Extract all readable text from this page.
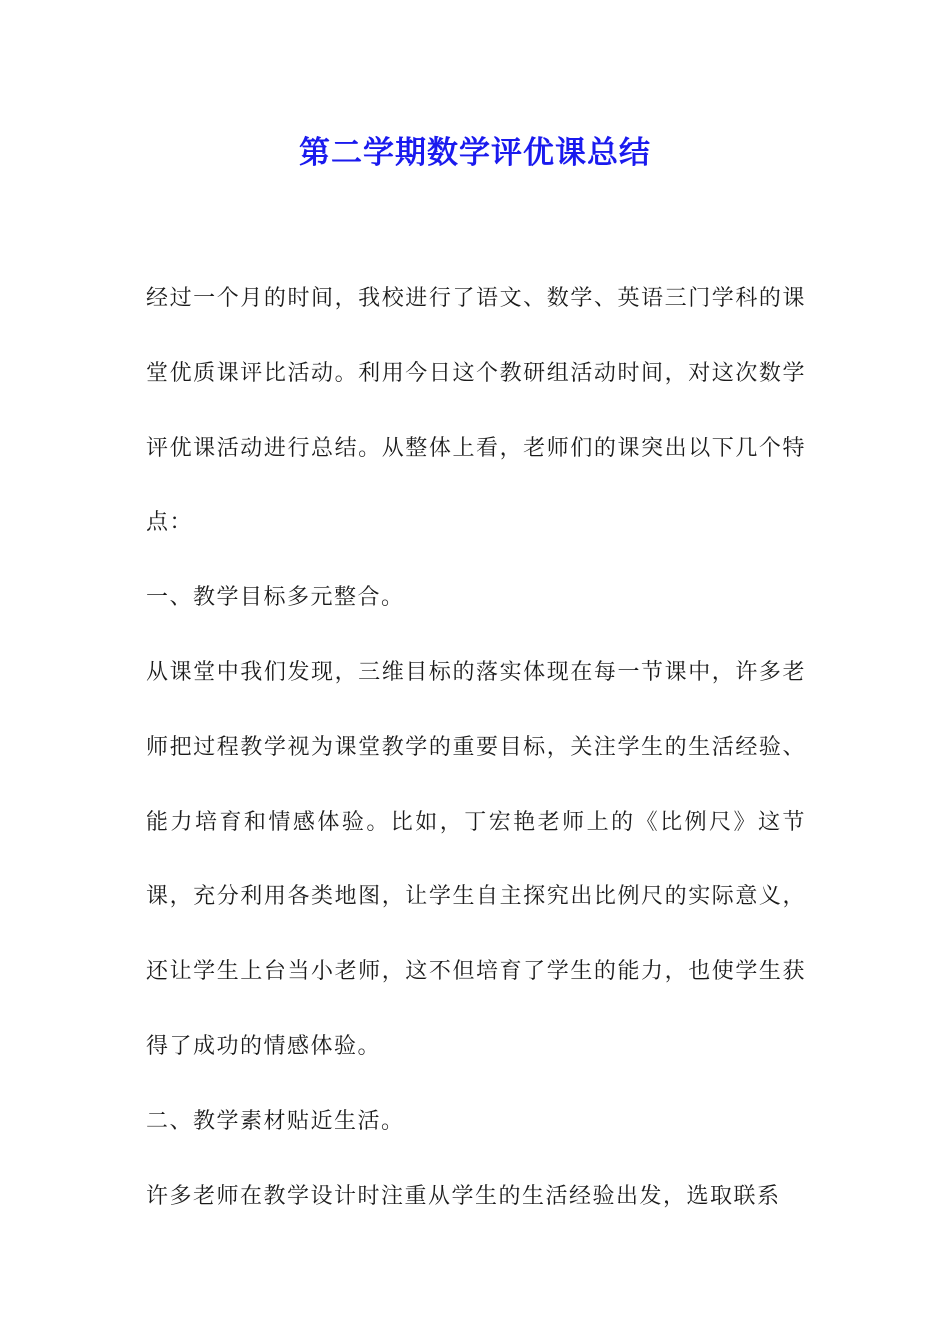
第二学期数学评优课总结

经过一个月的时间，我校进行了语文、数学、英语三门学科的课堂优质课评比活动。利用今日这个教研组活动时间，对这次数学评优课活动进行总结。从整体上看，老师们的课突出以下几个特点：

一、教学目标多元整合。

从课堂中我们发现，三维目标的落实体现在每一节课中，许多老师把过程教学视为课堂教学的重要目标，关注学生的生活经验、能力培育和情感体验。比如，丁宏艳老师上的《比例尺》这节课，充分利用各类地图，让学生自主探究出比例尺的实际意义，还让学生上台当小老师，这不但培育了学生的能力，也使学生获得了成功的情感体验。

二、教学素材贴近生活。

许多老师在教学设计时注重从学生的生活经验出发，选取联系
